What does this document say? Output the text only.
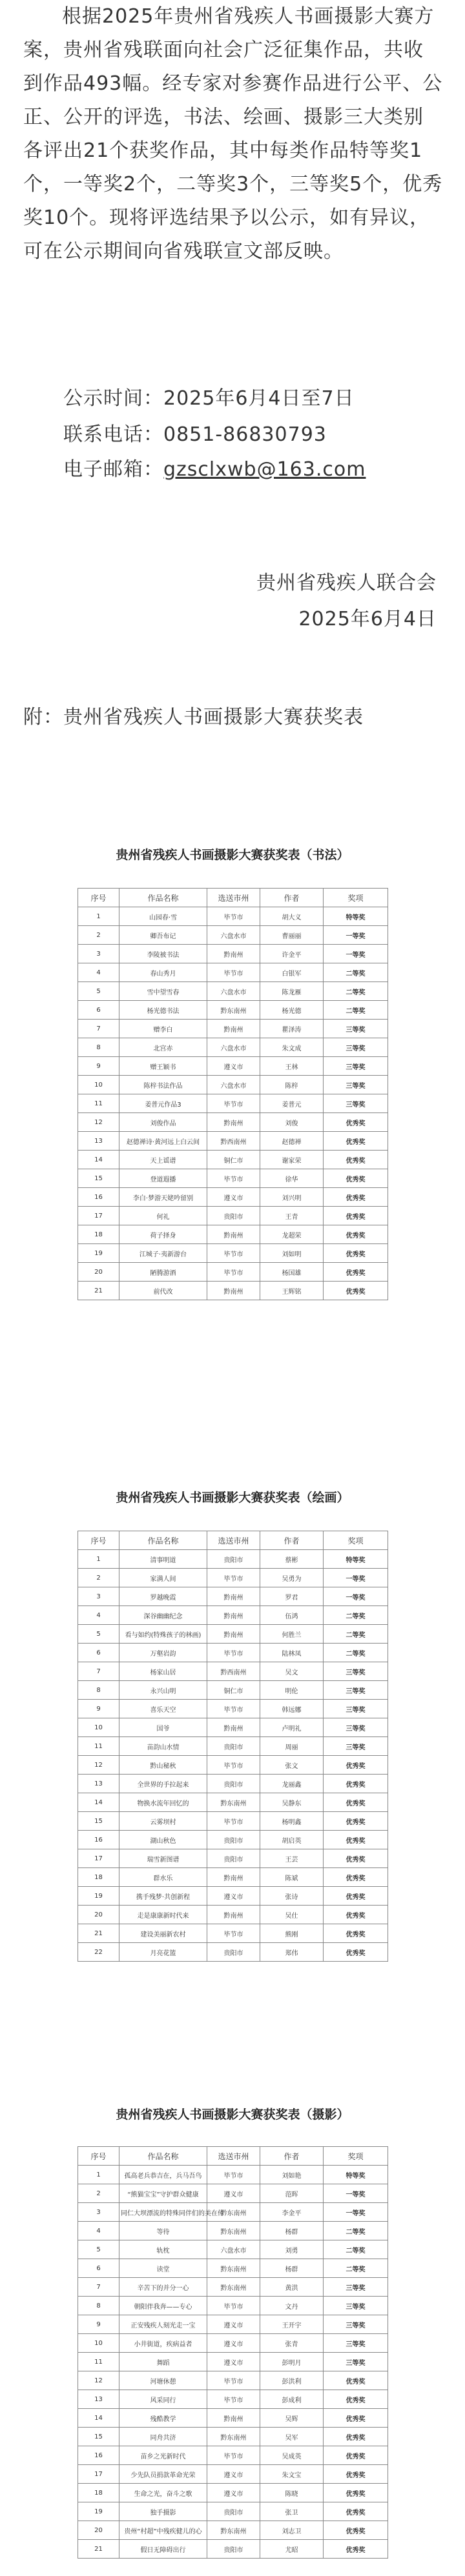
根据2025年贵州省残疾人书画摄影大赛方案，贵州省残联面向社会广泛征集作品，共收到作品493幅。经专家对参赛作品进行公平、公正、公开的评选，书法、绘画、摄影三大类别各评出21个获奖作品，其中每类作品特等奖1个，一等奖2个，二等奖3个，三等奖5个，优秀奖10个。现将评选结果予以公示，如有异议，可在公示期间向省残联宣文部反映。

公示时间：2025年6月4日至7日

联系电话：0851-86830793

电子邮箱：gzsclxwb@163.com

贵州省残疾人联合会

2025年6月4日

附：贵州省残疾人书画摄影大赛获奖表

贵州省残疾人书画摄影大赛获奖表（书法）

序号	作品名称	选送市州	作者	奖项
1	山园春·雪	毕节市	胡大义	特等奖
2	卿吾布记	六盘水市	曹丽丽	一等奖
3	李陵被书法	黔南州	许金平	一等奖
4	春山秀月	毕节市	白银军	二等奖
5	雪中望雪春	六盘水市	陈龙雁	二等奖
6	杨光德书法	黔东南州	杨光德	二等奖
7	赠李白	黔南州	瞿泽涛	三等奖
8	北宫赤	六盘水市	朱文成	三等奖
9	赠王颖书	遵义市	王林	三等奖
10	陈梓书法作品	六盘水市	陈梓	三等奖
11	姜普元作品3	毕节市	姜普元	三等奖
12	刘俊作品	黔南州	刘俊	优秀奖
13	赵德禅诗·黄河远上白云间	黔西南州	赵德禅	优秀奖
14	天上谣谱	铜仁市	谢家荣	优秀奖
15	登道遐播	毕节市	徐华	优秀奖
16	李白·梦游天姥吟留别	遵义市	刘兴明	优秀奖
17	何礼	贵阳市	王青	优秀奖
18	荷子择身	黔南州	龙超荣	优秀奖
19	江城子·夷新游台	毕节市	刘如明	优秀奖
20	陋腾游酒	毕节市	杨国雄	优秀奖
21	前代改	黔南州	王辉铭	优秀奖

贵州省残疾人书画摄影大赛获奖表（绘画）

序号	作品名称	选送市州	作者	奖项
1	清事明道	贵阳市	蔡彬	特等奖
2	家满人间	毕节市	吴勇为	一等奖
3	罗越晚霞	黔南州	罗君	一等奖
4	深谷幽幽纪念	黔南州	伍鸿	二等奖
5	看与如约(特殊孩子的林画)	黔南州	何胜兰	二等奖
6	万壑岩韵	毕节市	陆林凤	二等奖
7	杨家山居	黔西南州	吴文	三等奖
8	永兴山明	铜仁市	明伦	三等奖
9	喜乐天空	毕节市	韩远娜	三等奖
10	国爷	黔南州	卢明礼	三等奖
11	苗韵山水情	贵阳市	周丽	三等奖
12	黔山秘秋	毕节市	张文	优秀奖
13	全世界的手拉起来	贵阳市	龙丽鑫	优秀奖
14	物换水流年回忆的	黔东南州	吴静东	优秀奖
15	云雾坝村	毕节市	杨明鑫	优秀奖
16	湖山秋色	贵阳市	胡启英	优秀奖
17	瑞雪新图谱	贵阳市	王芸	优秀奖
18	群水乐	黔南州	陈斌	优秀奖
19	携手残梦·共创新程	遵义市	张诗	优秀奖
20	走是康康新时代来	黔南州	吴仕	优秀奖
21	建设美丽新农村	毕节市	熊刚	优秀奖
22	月亮花篮	贵阳市	郑伟	优秀奖

贵州省残疾人书画摄影大赛获奖表（摄影）

序号	作品名称	选送市州	作者	奖项
1	孤高老兵恭吉在，兵马吾鸟	毕节市	刘如艳	特等奖
2	“熊猫宝宝”守护群众健康	遵义市	范晖	一等奖
3	同仁大坝漂流的特殊同伴们的美在传	黔东南州	李金平	一等奖
4	等待	黔东南州	杨群	二等奖
5	轨枕	六盘水市	刘勇	二等奖
6	读堂	黔东南州	杨群	二等奖
7	辛苦下的并分一心	黔东南州	黄洪	三等奖
8	朝阳伴我奔——专心	毕节市	文丹	三等奖
9	正安残疾人刻光走一宝	遵义市	王开宇	三等奖
10	小井街道，疾病益者	遵义市	张青	三等奖
11	舞蹈	遵义市	彭明月	三等奖
12	河塘休憩	毕节市	彭洪利	优秀奖
13	风采同行	毕节市	彭成利	优秀奖
14	残酷教学	黔南州	吴辉	优秀奖
15	同舟共济	黔东南州	吴军	优秀奖
16	苗乡之光新时代	毕节市	吴成英	优秀奖
17	少先队员捐款革命光荣	遵义市	朱文宝	优秀奖
18	生命之光，奋斗之歌	遵义市	陈晓	优秀奖
19	独手摄影	贵阳市	张卫	优秀奖
20	贵州“村超”中残疾健儿的心	黔东南州	刘志卫	优秀奖
21	假日无障碍出行	贵阳市	尤昭	优秀奖
